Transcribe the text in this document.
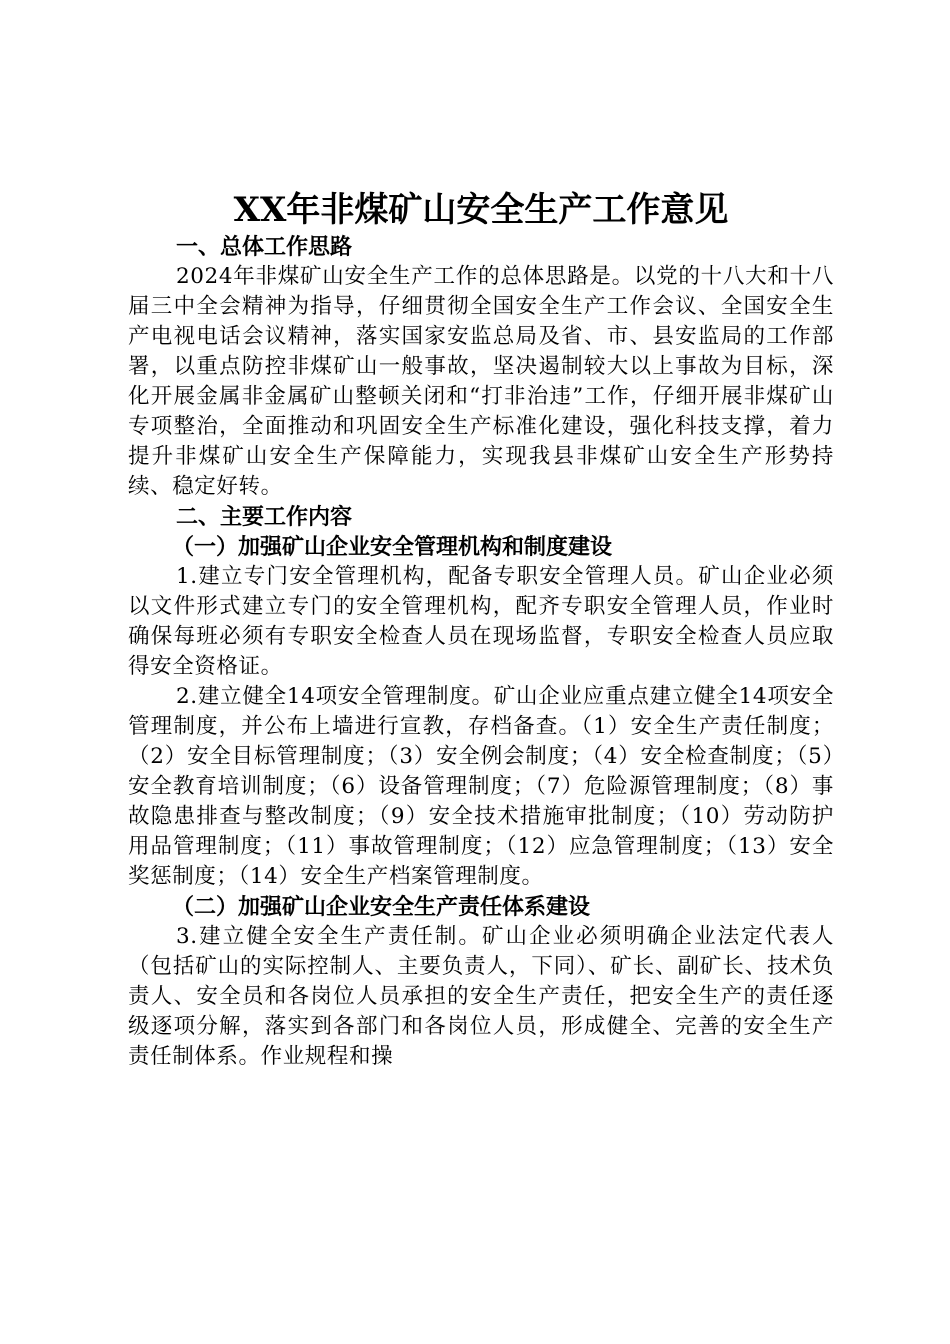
XX年非煤矿山安全生产工作意见

一、总体工作思路

2024年非煤矿山安全生产工作的总体思路是。以党的十八大和十八届三中全会精神为指导，仔细贯彻全国安全生产工作会议、全国安全生产电视电话会议精神，落实国家安监总局及省、市、县安监局的工作部署，以重点防控非煤矿山一般事故，坚决遏制较大以上事故为目标，深化开展金属非金属矿山整顿关闭和“打非治违”工作，仔细开展非煤矿山专项整治，全面推动和巩固安全生产标准化建设，强化科技支撑，着力提升非煤矿山安全生产保障能力，实现我县非煤矿山安全生产形势持续、稳定好转。

二、主要工作内容

（一）加强矿山企业安全管理机构和制度建设

1.建立专门安全管理机构，配备专职安全管理人员。矿山企业必须以文件形式建立专门的安全管理机构，配齐专职安全管理人员，作业时确保每班必须有专职安全检查人员在现场监督，专职安全检查人员应取得安全资格证。

2.建立健全14项安全管理制度。矿山企业应重点建立健全14项安全管理制度，并公布上墙进行宣教，存档备查。（1）安全生产责任制度；（2）安全目标管理制度；（3）安全例会制度；（4）安全检查制度；（5）安全教育培训制度；（6）设备管理制度；（7）危险源管理制度；（8）事故隐患排查与整改制度；（9）安全技术措施审批制度；（10）劳动防护用品管理制度；（11）事故管理制度；（12）应急管理制度；（13）安全奖惩制度；（14）安全生产档案管理制度。

（二）加强矿山企业安全生产责任体系建设

3.建立健全安全生产责任制。矿山企业必须明确企业法定代表人（包括矿山的实际控制人、主要负责人，下同）、矿长、副矿长、技术负责人、安全员和各岗位人员承担的安全生产责任，把安全生产的责任逐级逐项分解，落实到各部门和各岗位人员，形成健全、完善的安全生产责任制体系。作业规程和操
